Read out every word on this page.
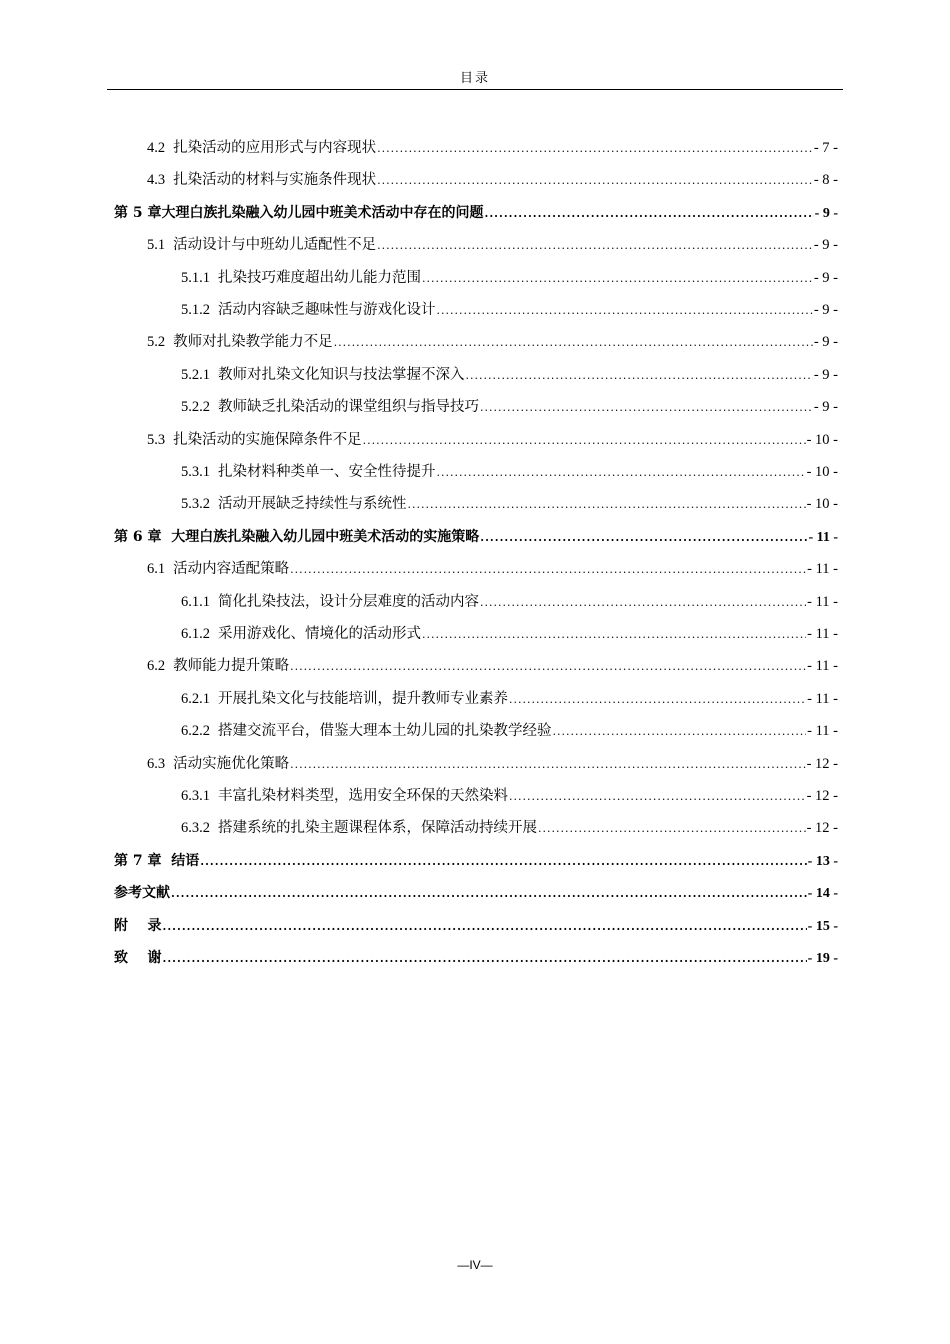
目录
4.2 扎染活动的应用形式与内容现状 .....	- 7 -
4.3 扎染活动的材料与实施条件现状 .....	- 8 -
第 5 章大理白族扎染融入幼儿园中班美术活动中存在的问题 .....	- 9 -
5.1 活动设计与中班幼儿适配性不足 .....	- 9 -
5.1.1 扎染技巧难度超出幼儿能力范围 .....	- 9 -
5.1.2 活动内容缺乏趣味性与游戏化设计 .....	- 9 -
5.2 教师对扎染教学能力不足 .....	- 9 -
5.2.1 教师对扎染文化知识与技法掌握不深入 .....	- 9 -
5.2.2 教师缺乏扎染活动的课堂组织与指导技巧 .....	- 9 -
5.3 扎染活动的实施保障条件不足 .....	- 10 -
5.3.1 扎染材料种类单一、安全性待提升 .....	- 10 -
5.3.2 活动开展缺乏持续性与系统性 .....	- 10 -
第 6 章  大理白族扎染融入幼儿园中班美术活动的实施策略 .....	- 11 -
6.1 活动内容适配策略 .....	- 11 -
6.1.1 简化扎染技法，设计分层难度的活动内容 .....	- 11 -
6.1.2 采用游戏化、情境化的活动形式 .....	- 11 -
6.2 教师能力提升策略 .....	- 11 -
6.2.1 开展扎染文化与技能培训，提升教师专业素养 .....	- 11 -
6.2.2 搭建交流平台，借鉴大理本土幼儿园的扎染教学经验 .....	- 11 -
6.3 活动实施优化策略 .....	- 12 -
6.3.1 丰富扎染材料类型，选用安全环保的天然染料 .....	- 12 -
6.3.2 搭建系统的扎染主题课程体系，保障活动持续开展 .....	- 12 -
第 7 章  结语 .....	- 13 -
参考文献 .....	- 14 -
附    录 .....	- 15 -
致    谢 .....	- 19 -
—IV—
